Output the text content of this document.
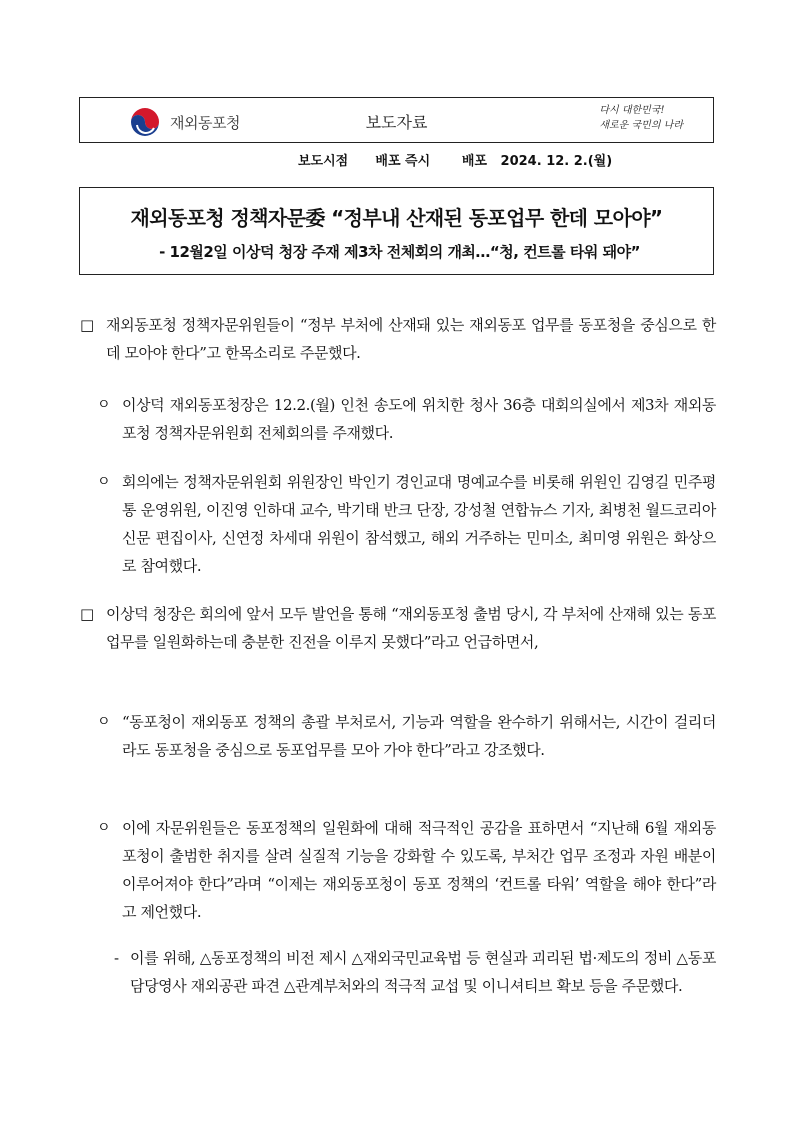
재외동포청	보도자료
다시 대한민국!
새로운 국민의 나라
보도시점 배포 즉시 배포 2024. 12. 2.(월)
재외동포청 정책자문委 “정부내 산재된 동포업무 한데 모아야”
- 12월2일 이상덕 청장 주재 제3차 전체회의 개최…“청, 컨트롤 타워 돼야”
□ 재외동포청 정책자문위원들이 “정부 부처에 산재돼 있는 재외동포 업무를 동포청을 중심으로 한데 모아야 한다”고 한목소리로 주문했다.
ㅇ 이상덕 재외동포청장은 12.2.(월) 인천 송도에 위치한 청사 36층 대회의실에서 제3차 재외동포청 정책자문위원회 전체회의를 주재했다.
ㅇ 회의에는 정책자문위원회 위원장인 박인기 경인교대 명예교수를 비롯해 위원인 김영길 민주평통 운영위원, 이진영 인하대 교수, 박기태 반크 단장, 강성철 연합뉴스 기자, 최병천 월드코리아 신문 편집이사, 신연정 차세대 위원이 참석했고, 해외 거주하는 민미소, 최미영 위원은 화상으로 참여했다.
□ 이상덕 청장은 회의에 앞서 모두 발언을 통해 “재외동포청 출범 당시, 각 부처에 산재해 있는 동포 업무를 일원화하는데 충분한 진전을 이루지 못했다”라고 언급하면서,
ㅇ “동포청이 재외동포 정책의 총괄 부처로서, 기능과 역할을 완수하기 위해서는, 시간이 걸리더라도 동포청을 중심으로 동포업무를 모아 가야 한다”라고 강조했다.
ㅇ 이에 자문위원들은 동포정책의 일원화에 대해 적극적인 공감을 표하면서 “지난해 6월 재외동포청이 출범한 취지를 살려 실질적 기능을 강화할 수 있도록, 부처간 업무 조정과 자원 배분이 이루어져야 한다”라며 “이제는 재외동포청이 동포 정책의 ‘컨트롤 타워’ 역할을 해야 한다”라고 제언했다.
- 이를 위해, △동포정책의 비전 제시 △재외국민교육법 등 현실과 괴리된 법·제도의 정비 △동포담당영사 재외공관 파견 △관계부처와의 적극적 교섭 및 이니셔티브 확보 등을 주문했다.
